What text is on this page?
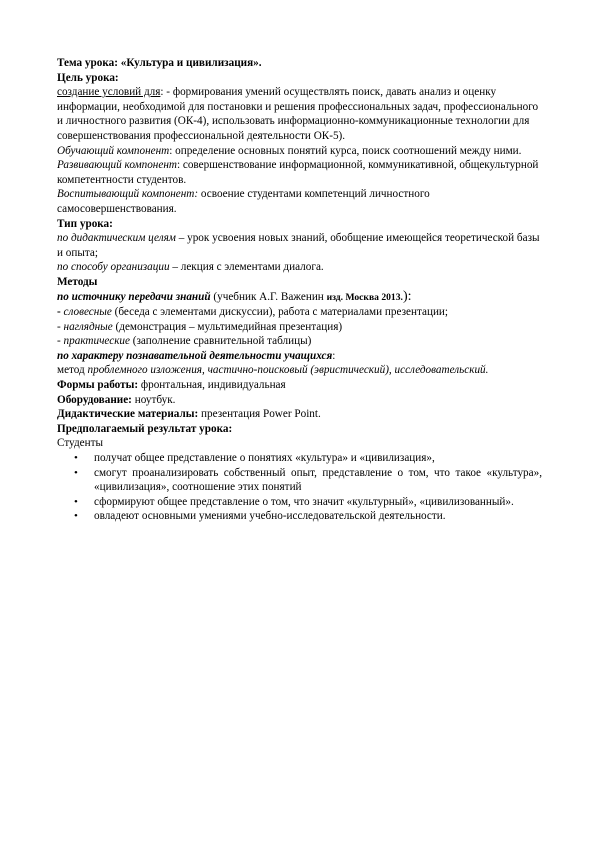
Тема урока: «Культура и цивилизация».

Цель урока:

создание условий для: - формирования умений осуществлять поиск, давать анализ и оценку информации, необходимой для постановки и решения профессиональных задач, профессионального и личностного развития (ОК-4), использовать информационно-коммуникационные технологии для совершенствования профессиональной деятельности ОК-5).

Обучающий компонент: определение основных понятий курса, поиск соотношений между ними.

Развивающий компонент: совершенствование информационной, коммуникативной, общекультурной компетентности студентов.

Воспитывающий компонент: освоение студентами компетенций личностного самосовершенствования.

Тип урока:

по дидактическим целям – урок усвоения новых знаний, обобщение имеющейся теоретической базы и опыта;

по способу организации – лекция с элементами диалога.

Методы

по источнику передачи знаний (учебник А.Г. Важенин изд. Москва 2013.):

- словесные (беседа с элементами дискуссии), работа с материалами презентации;

- наглядные (демонстрация – мультимедийная презентация)

- практические (заполнение сравнительной таблицы)

по характеру познавательной деятельности учащихся:

метод проблемного изложения, частично-поисковый (эвристический), исследовательский.

Формы работы: фронтальная, индивидуальная

Оборудование: ноутбук.

Дидактические материалы: презентация Power Point.

Предполагаемый результат урока:

Студенты

• получат общее представление о понятиях «культура» и «цивилизация»,
• смогут проанализировать собственный опыт, представление о том, что такое «культура», «цивилизация», соотношение этих понятий
• сформируют общее представление о том, что значит «культурный», «цивилизованный».
• овладеют основными умениями учебно-исследовательской деятельности.
